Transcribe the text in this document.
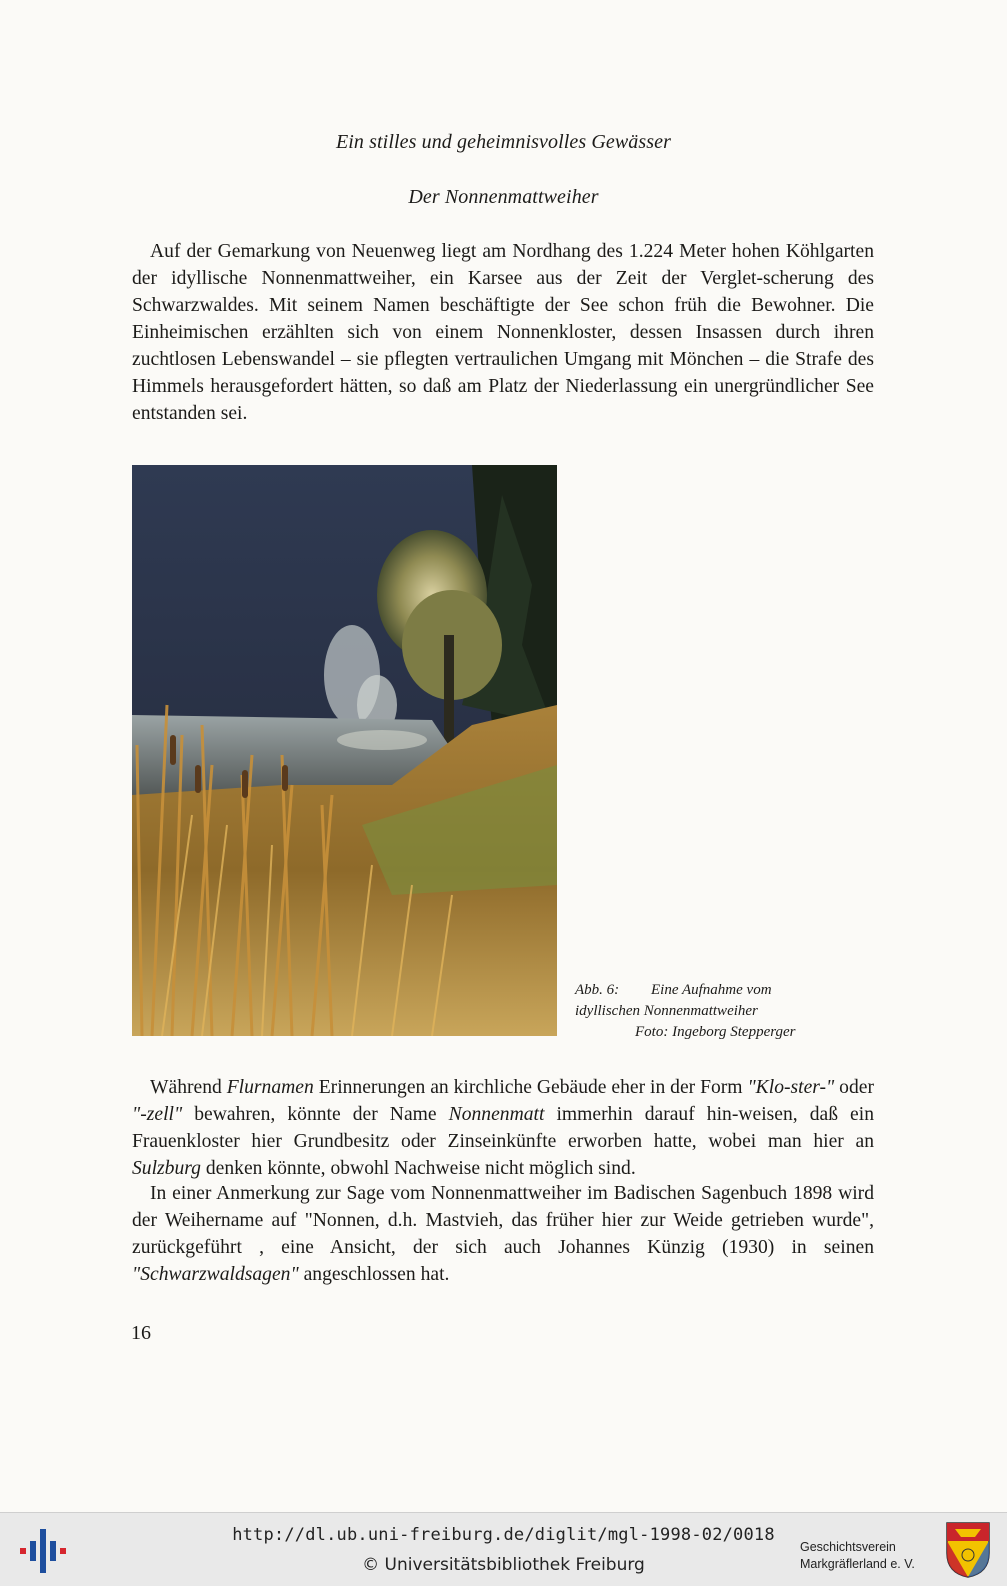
Ein stilles und geheimnisvolles Gewässer
Der Nonnenmattweiher

Auf der Gemarkung von Neuenweg liegt am Nordhang des 1.224 Meter hohen Köhlgarten der idyllische Nonnenmattweiher, ein Karsee aus der Zeit der Verglet-scherung des Schwarzwaldes. Mit seinem Namen beschäftigte der See schon früh die Bewohner. Die Einheimischen erzählten sich von einem Nonnenkloster, dessen Insassen durch ihren zuchtlosen Lebenswandel – sie pflegten vertraulichen Umgang mit Mönchen – die Strafe des Himmels herausgefordert hätten, so daß am Platz der Niederlassung ein unergründlicher See entstanden sei.

Abb. 6: Eine Aufnahme vom
idyllischen Nonnenmattweiher
Foto: Ingeborg Stepperger

Während Flurnamen Erinnerungen an kirchliche Gebäude eher in der Form "Klo-ster-" oder "-zell" bewahren, könnte der Name Nonnenmatt immerhin darauf hin-weisen, daß ein Frauenkloster hier Grundbesitz oder Zinseinkünfte erworben hatte, wobei man hier an Sulzburg denken könnte, obwohl Nachweise nicht möglich sind.

In einer Anmerkung zur Sage vom Nonnenmattweiher im Badischen Sagenbuch 1898 wird der Weihername auf "Nonnen, d.h. Mastvieh, das früher hier zur Weide getrieben wurde", zurückgeführt , eine Ansicht, der sich auch Johannes Künzig (1930) in seinen "Schwarzwaldsagen" angeschlossen hat.

16
http://dl.ub.uni-freiburg.de/diglit/mgl-1998-02/0018
© Universitätsbibliothek Freiburg
Geschichtsverein
Markgräflerland e. V.
